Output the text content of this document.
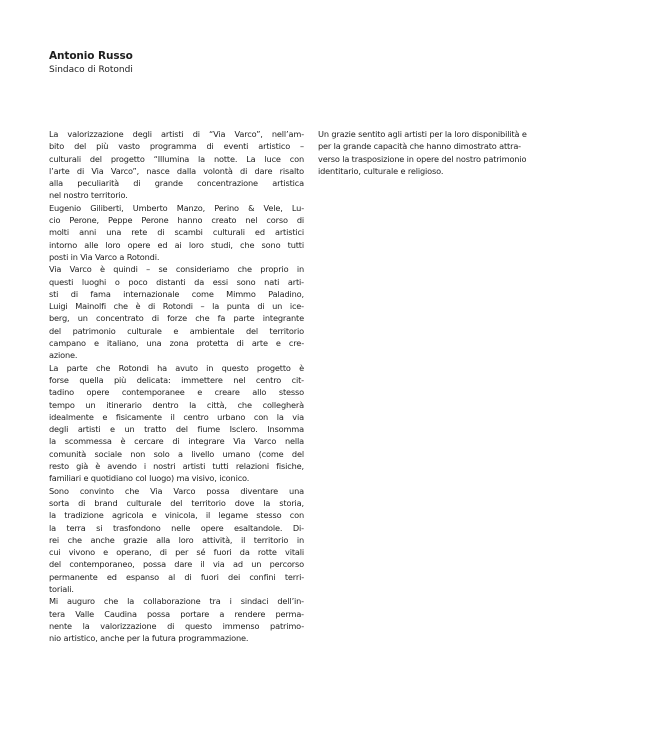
Antonio Russo
Sindaco di Rotondi

La valorizzazione degli artisti di “Via Varco”, nell’am-
bito del più vasto programma di eventi artistico –
culturali del progetto “Illumina la notte. La luce con
l’arte di Via Varco”, nasce dalla volontà di dare risalto
alla peculiarità di grande concentrazione artistica
nel nostro territorio.

Eugenio Giliberti, Umberto Manzo, Perino & Vele, Lu-
cio Perone, Peppe Perone hanno creato nel corso di
molti anni una rete di scambi culturali ed artistici
intorno alle loro opere ed ai loro studi, che sono tutti
posti in Via Varco a Rotondi.

Via Varco è quindi – se consideriamo che proprio in
questi luoghi o poco distanti da essi sono nati arti-
sti di fama internazionale come Mimmo Paladino,
Luigi Mainolfi che è di Rotondi – la punta di un ice-
berg, un concentrato di forze che fa parte integrante
del patrimonio culturale e ambientale del territorio
campano e italiano, una zona protetta di arte e cre-
azione.

La parte che Rotondi ha avuto in questo progetto è
forse quella più delicata: immettere nel centro cit-
tadino opere contemporanee e creare allo stesso
tempo un itinerario dentro la città, che collegherà
idealmente e fisicamente il centro urbano con la via
degli artisti e un tratto del fiume Isclero. Insomma
la scommessa è cercare di integrare Via Varco nella
comunità sociale non solo a livello umano (come del
resto già è avendo i nostri artisti tutti relazioni fisiche,
familiari e quotidiano col luogo) ma visivo, iconico.

Sono convinto che Via Varco possa diventare una
sorta di brand culturale del territorio dove la storia,
la tradizione agricola e vinicola, il legame stesso con
la terra si trasfondono nelle opere esaltandole. Di-
rei che anche grazie alla loro attività, il territorio in
cui vivono e operano, di per sé fuori da rotte vitali
del contemporaneo, possa dare il via ad un percorso
permanente ed espanso al di fuori dei confini terri-
toriali.

Mi auguro che la collaborazione tra i sindaci dell’in-
tera Valle Caudina possa portare a rendere perma-
nente la valorizzazione di questo immenso patrimo-
nio artistico, anche per la futura programmazione.

Un grazie sentito agli artisti per la loro disponibilità e
per la grande capacità che hanno dimostrato attra-
verso la trasposizione in opere del nostro patrimonio
identitario, culturale e religioso.
